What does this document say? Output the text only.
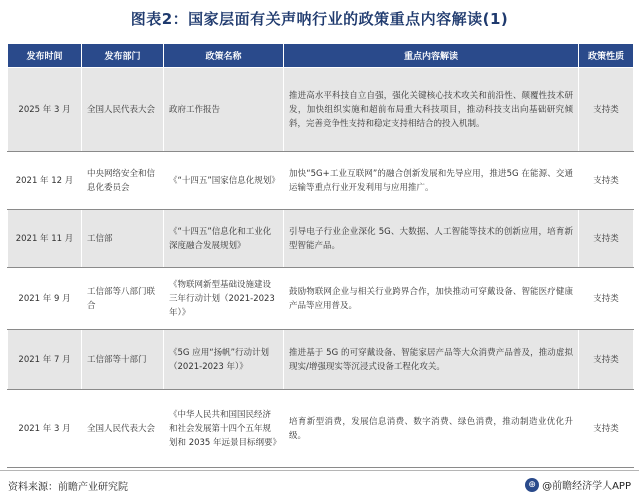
图表2：国家层面有关声呐行业的政策重点内容解读(1)
发布时间	发布部门	政策名称	重点内容解读	政策性质
2025 年 3 月	全国人民代表大会	政府工作报告	推进高水平科技自立自强，强化关键核心技术攻关和前沿性、颠覆性技术研发，加快组织实施和超前布局重大科技项目，推动科技支出向基础研究倾斜，完善竞争性支持和稳定支持相结合的投入机制。	支持类
2021 年 12 月	中央网络安全和信息化委员会	《“十四五”国家信息化规划》	加快“5G+工业互联网”的融合创新发展和先导应用，推进5G 在能源、交通运输等重点行业开发利用与应用推广。	支持类
2021 年 11 月	工信部	《“十四五”信息化和工业化深度融合发展规划》	引导电子行业企业深化 5G、大数据、人工智能等技术的创新应用，培育新型智能产品。	支持类
2021 年 9 月	工信部等八部门联合	《物联网新型基础设施建设三年行动计划（2021-2023 年）》	鼓励物联网企业与相关行业跨界合作，加快推动可穿戴设备、智能医疗健康产品等应用普及。	支持类
2021 年 7 月	工信部等十部门	《5G 应用“扬帆”行动计划（2021-2023 年）》	推进基于 5G 的可穿戴设备、智能家居产品等大众消费产品普及，推动虚拟现实/增强现实等沉浸式设备工程化攻关。	支持类
2021 年 3 月	全国人民代表大会	《中华人民共和国国民经济和社会发展第十四个五年规划和 2035 年远景目标纲要》	培育新型消费，发展信息消费、数字消费、绿色消费，推动制造业优化升级。	支持类
资料来源：前瞻产业研究院	⊕ @前瞻经济学人APP
